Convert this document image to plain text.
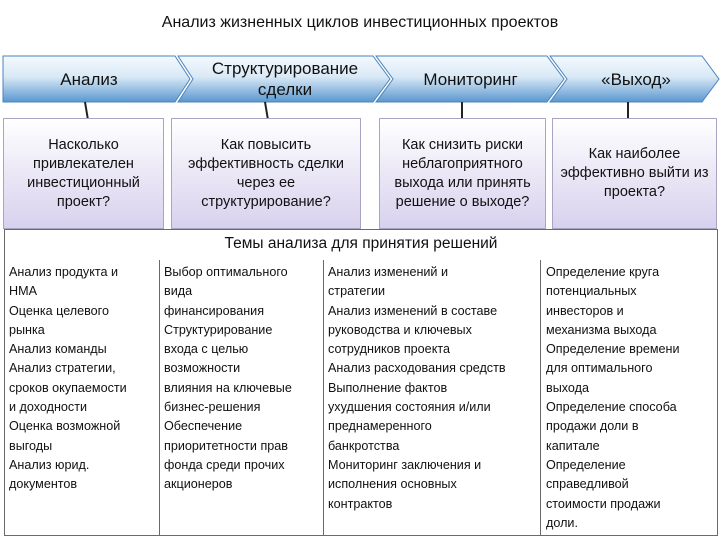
Анализ жизненных циклов инвестиционных проектов
Анализ
Структурирование сделки
Мониторинг	«Выход»
Насколько привлекателен инвестиционный проект?
Как повысить эффективность сделки через ее структурирование?
Как снизить риски неблагоприятного выхода или принять решение о выходе?
Как наиболее эффективно выйти из проекта?
Темы анализа для принятия решений
Анализ продукта и
НМА
Оценка целевого
рынка
Анализ команды
Анализ стратегии,
сроков окупаемости
и доходности
Оценка возможной
выгоды
Анализ юрид.
документов
Выбор оптимального
вида
финансирования
Структурирование
входа с целью
возможности
влияния на ключевые
бизнес-решения
Обеспечение
приоритетности прав
фонда среди прочих
акционеров
Анализ изменений и
стратегии
Анализ изменений в составе
руководства и ключевых
сотрудников проекта
Анализ расходования средств
Выполнение фактов
ухудшения состояния и/или
преднамеренного
банкротства
Мониторинг заключения и
исполнения основных
контрактов
Определение круга
потенциальных
инвесторов и
механизма выхода
Определение времени
для оптимального
выхода
Определение способа
продажи доли в
капитале
Определение
справедливой
стоимости продажи
доли.
